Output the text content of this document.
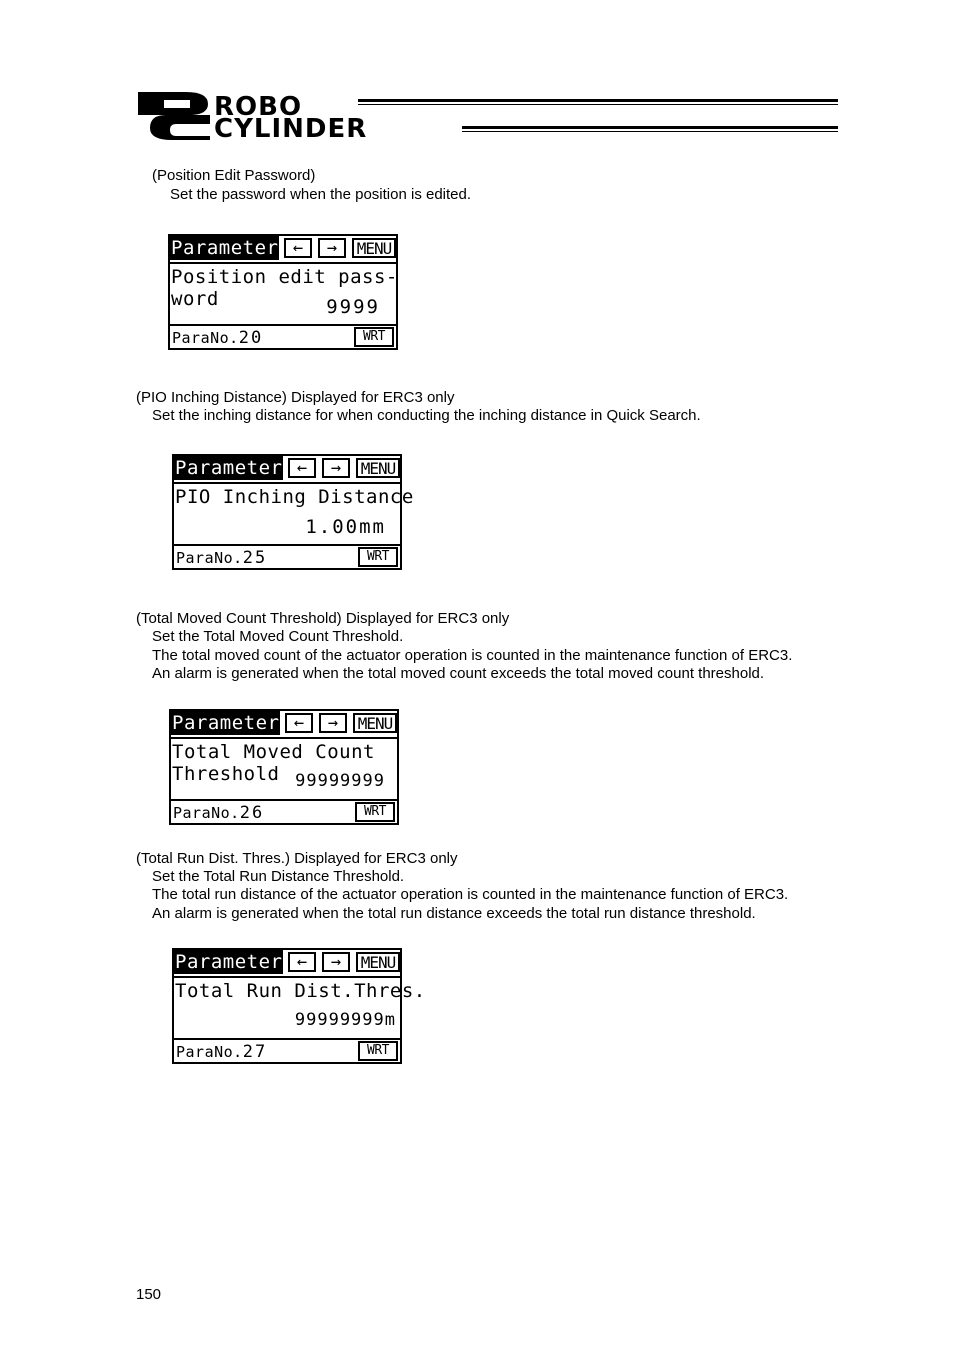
ROBO
CYLINDER
(Position Edit Password)
Set the password when the position is edited.
Parameter ←	→	MENU
Position edit pass-
word	9999
ParaNo.20	WRT
(PIO Inching Distance) Displayed for ERC3 only
Set the inching distance for when conducting the inching distance in Quick Search.
Parameter ←	→	MENU
PIO Inching Distance
1.00mm
ParaNo.25	WRT
(Total Moved Count Threshold) Displayed for ERC3 only
Set the Total Moved Count Threshold.
The total moved count of the actuator operation is counted in the maintenance function of ERC3.
An alarm is generated when the total moved count exceeds the total moved count threshold.
Parameter ←	→	MENU
Total Moved Count
Threshold 99999999
ParaNo.26	WRT
(Total Run Dist. Thres.) Displayed for ERC3 only
Set the Total Run Distance Threshold.
The total run distance of the actuator operation is counted in the maintenance function of ERC3.
An alarm is generated when the total run distance exceeds the total run distance threshold.
Parameter ←	→	MENU
Total Run Dist.Thres.
99999999m
ParaNo.27	WRT
150
